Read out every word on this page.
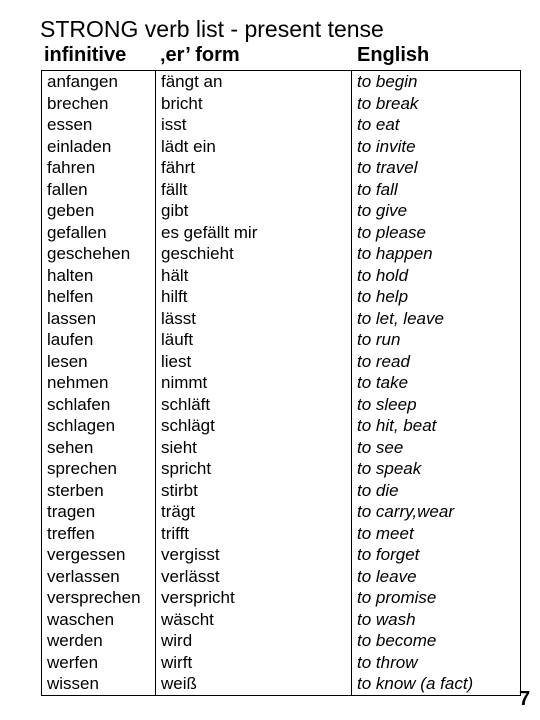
STRONG verb list - present tense
infinitive ‚er’ form	English
anfangen	fängt an	to begin
brechen	bricht	to break
essen	isst	to eat
einladen	lädt ein	to invite
fahren	fährt	to travel
fallen	fällt	to fall
geben	gibt	to give
gefallen	es gefällt mir	to please
geschehen	geschieht	to happen
halten	hält	to hold
helfen	hilft	to help
lassen	lässt	to let, leave
laufen	läuft	to run
lesen	liest	to read
nehmen	nimmt	to take
schlafen	schläft	to sleep
schlagen	schlägt	to hit, beat
sehen	sieht	to see
sprechen	spricht	to speak
sterben	stirbt	to die
tragen	trägt	to carry,wear
treffen	trifft	to meet
vergessen	vergisst	to forget
verlassen	verlässt	to leave
versprechen	verspricht	to promise
waschen	wäscht	to wash
werden	wird	to become
werfen	wirft	to throw
wissen	weiß	to know (a fact)
7
